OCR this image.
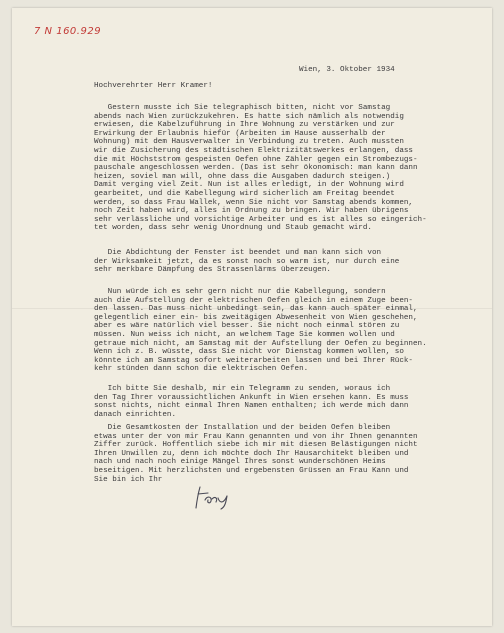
7 N 160.929

Wien, 3. Oktober 1934

Hochverehrter Herr Kramer!

Gestern musste ich Sie telegraphisch bitten, nicht vor Samstag
abends nach Wien zurückzukehren. Es hatte sich nämlich als notwendig
erwiesen, die Kabelzuführung in Ihre Wohnung zu verstärken und zur
Erwirkung der Erlaubnis hiefür (Arbeiten im Hause ausserhalb der
Wohnung) mit dem Hausverwalter in Verbindung zu treten. Auch mussten
wir die Zusicherung des städtischen Elektrizitätswerkes erlangen, dass
die mit Höchststrom gespeisten Oefen ohne Zähler gegen ein Strombezugs-
pauschale angeschlossen werden. (Das ist sehr ökonomisch: man kann dann
heizen, soviel man will, ohne dass die Ausgaben dadurch steigen.)
Damit verging viel Zeit. Nun ist alles erledigt, in der Wohnung wird
gearbeitet, und die Kabellegung wird sicherlich am Freitag beendet
werden, so dass Frau Wallek, wenn Sie nicht vor Samstag abends kommen,
noch Zeit haben wird, alles in Ordnung zu bringen. Wir haben übrigens
sehr verlässliche und vorsichtige Arbeiter und es ist alles so eingerich-
tet worden, dass sehr wenig Unordnung und Staub gemacht wird.

Die Abdichtung der Fenster ist beendet und man kann sich von
der Wirksamkeit jetzt, da es sonst noch so warm ist, nur durch eine
sehr merkbare Dämpfung des Strassenlärms überzeugen.

Nun würde ich es sehr gern nicht nur die Kabellegung, sondern
auch die Aufstellung der elektrischen Oefen gleich in einem Zuge been-
den lassen. Das muss nicht unbedingt sein, das kann auch später einmal,
gelegentlich einer ein- bis zweitägigen Abwesenheit von Wien geschehen,
aber es wäre natürlich viel besser. Sie nicht noch einmal stören zu
müssen. Nun weiss ich nicht, an welchem Tage Sie kommen wollen und
getraue mich nicht, am Samstag mit der Aufstellung der Oefen zu beginnen.
Wenn ich z. B. wüsste, dass Sie nicht vor Dienstag kommen wollen, so
könnte ich am Samstag sofort weiterarbeiten lassen und bei Ihrer Rück-
kehr stünden dann schon die elektrischen Oefen.

Ich bitte Sie deshalb, mir ein Telegramm zu senden, woraus ich
den Tag Ihrer voraussichtlichen Ankunft in Wien ersehen kann. Es muss
sonst nichts, nicht einmal Ihren Namen enthalten; ich werde mich dann
danach einrichten.

Die Gesamtkosten der Installation und der beiden Oefen bleiben
etwas unter der von mir Frau Kann genannten und von ihr Ihnen genannten
Ziffer zurück. Hoffentlich siebe ich mir mit diesen Belästigungen nicht
Ihren Unwillen zu, denn ich möchte doch Ihr Hausarchitekt bleiben und
nach und nach noch einige Mängel Ihres sonst wunderschönen Heims
beseitigen. Mit herzlichsten und ergebensten Grüssen an Frau Kann und
Sie bin ich Ihr
